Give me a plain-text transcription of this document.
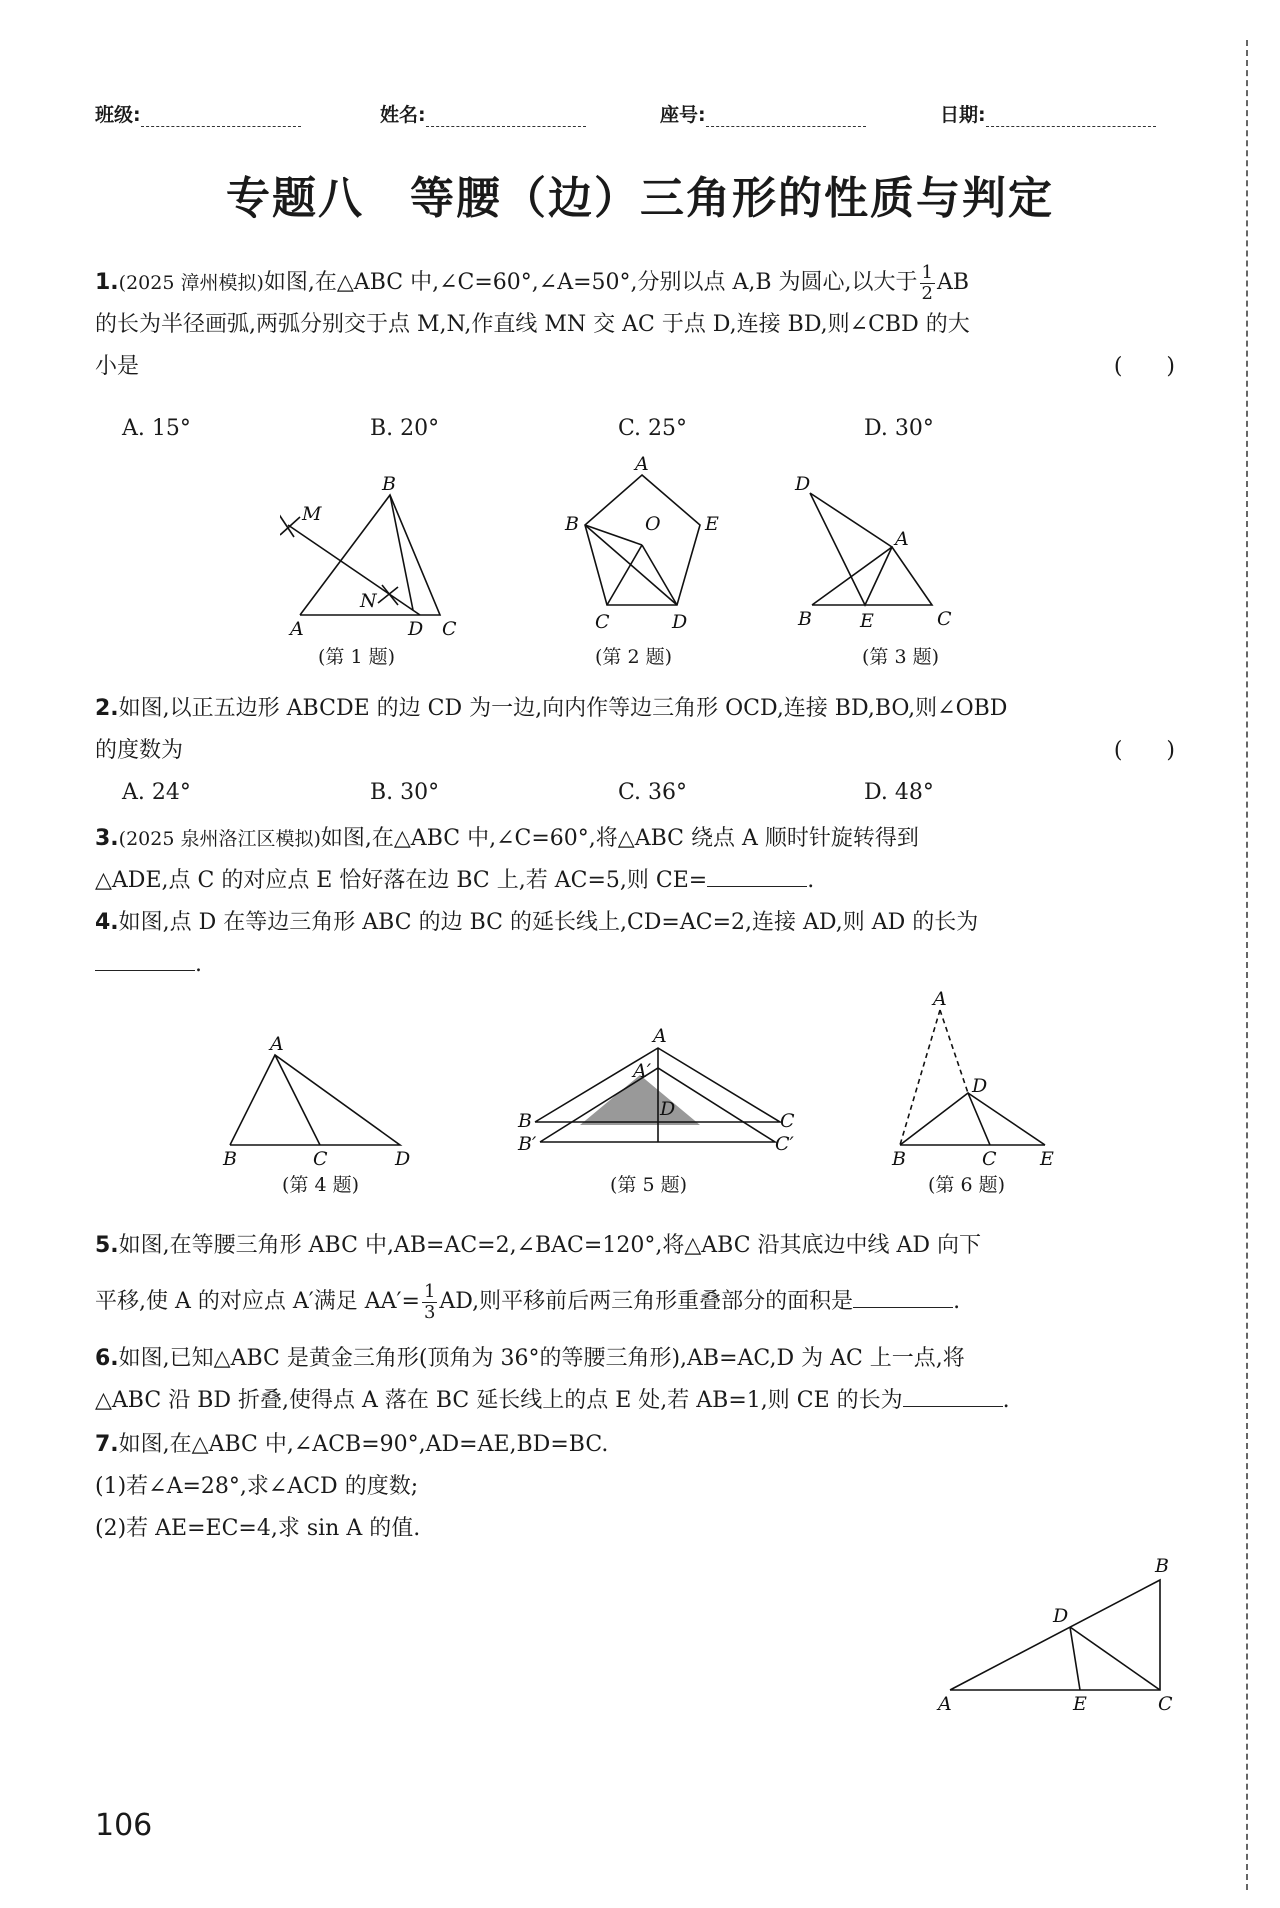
班级:	姓名:	座号:	日期:
专题八　等腰（边）三角形的性质与判定
1.(2025 漳州模拟)如图,在△ABC 中,∠C=60°,∠A=50°,分别以点 A,B 为圆心,以大于 $\frac{1}{2}$ AB
的长为半径画弧,两弧分别交于点 M,N,作直线 MN 交 AC 于点 D,连接 BD,则∠CBD 的大
小是	(　　)
A. 15°	B. 20°	C. 25°	D. 30°
A
B
C
D
M
N
A
B	O E
C	D
D
A
B	E	C
(第 1 题)	(第 2 题)	(第 3 题)
2.如图,以正五边形 ABCDE 的边 CD 为一边,向内作等边三角形 OCD,连接 BD,BO,则∠OBD
的度数为	(　　)
A. 24°	B. 30°	C. 36°	D. 48°
3.(2025 泉州洛江区模拟)如图,在△ABC 中,∠C=60°,将△ABC 绕点 A 顺时针旋转得到
△ADE,点 C 的对应点 E 恰好落在边 BC 上,若 AC=5,则 CE=	.
4.如图,点 D 在等边三角形 ABC 的边 BC 的延长线上,CD=AC=2,连接 AD,则 AD 的长为
.
A
B	C	D
A
A′
D
B
B′
C
C′
A
D
B	C E
(第 4 题)	(第 5 题)	(第 6 题)
5.如图,在等腰三角形 ABC 中,AB=AC=2,∠BAC=120°,将△ABC 沿其底边中线 AD 向下
平移,使 A 的对应点 A′满足 $AA'= \frac{1}{3}$ AD,则平移前后两三角形重叠部分的面积是	.
6.如图,已知△ABC 是黄金三角形(顶角为 36°的等腰三角形),AB=AC,D 为 AC 上一点,将
△ABC 沿 BD 折叠,使得点 A 落在 BC 延长线上的点 E 处,若 AB=1,则 CE 的长为	.
7.如图,在△ABC 中,∠ACB=90°,AD=AE,BD=BC.
(1)若∠A=28°,求∠ACD 的度数;
(2)若 AE=EC=4,求 sin A 的值.
B
D
A	E	C
106
